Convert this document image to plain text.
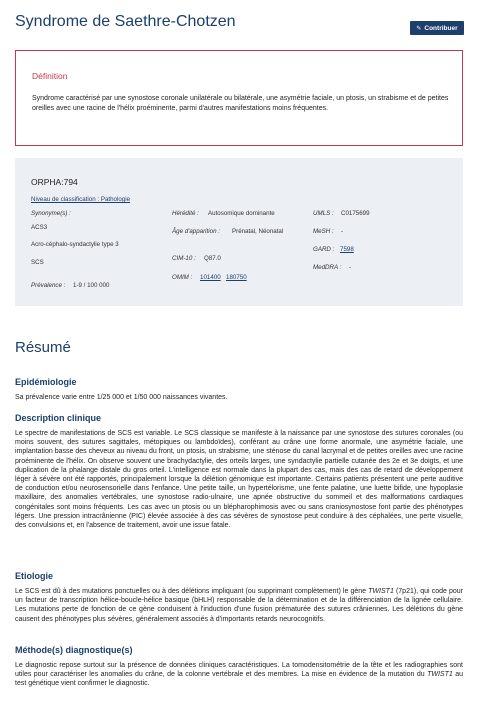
Syndrome de Saethre-Chotzen	✎ Contribuer
Définition
Syndrome caractérisé par une synostose coronale unilatérale ou bilatérale, une asymétrie faciale, un ptosis, un strabisme et de petites oreilles avec une racine de l'hélix proéminente, parmi d'autres manifestations moins fréquentes.
ORPHA:794
Niveau de classification : Pathologie
Synonyme(s) :
ACS3
Acro-céphalo-syndactylie type 3
SCS
Prévalence : 1-9 / 100 000
Hérédité : Autosomique dominante
Âge d'apparition : Prénatal, Néonatal
CIM-10 : Q87.0
OMIM : 101400 180750
UMLS : C0175699
MeSH : -
GARD : 7598
MedDRA : -
Résumé
Epidémiologie

Sa prévalence varie entre 1/25 000 et 1/50 000 naissances vivantes.

Description clinique

Le spectre de manifestations de SCS est variable. Le SCS classique se manifeste à la naissance par une synostose des sutures coronales (ou moins souvent, des sutures sagittales, métopiques ou lambdoïdes), conférant au crâne une forme anormale, une asymétrie faciale, une implantation basse des cheveux au niveau du front, un ptosis, un strabisme, une sténose du canal lacrymal et de petites oreilles avec une racine proéminente de l'hélix. On observe souvent une brachydactylie, des orteils larges, une syndactylie partielle cutanée des 2e et 3e doigts, et une duplication de la phalange distale du gros orteil. L'intelligence est normale dans la plupart des cas, mais des cas de retard de développement léger à sévère ont été rapportés, principalement lorsque la délétion génomique est importante. Certains patients présentent une perte auditive de conduction et/ou neurosensorielle dans l'enfance. Une petite taille, un hypertélorisme, une fente palatine, une luette bifide, une hypoplasie maxillaire, des anomalies vertébrales, une synostose radio-ulnaire, une apnée obstructive du sommeil et des malformations cardiaques congénitales sont moins fréquents. Les cas avec un ptosis ou un blépharophimosis avec ou sans craniosynostose font partie des phénotypes légers. Une pression intracrânienne (PIC) élevée associée à des cas sévères de synostose peut conduire à des céphalées, une perte visuelle, des convulsions et, en l'absence de traitement, avoir une issue fatale.

Etiologie

Le SCS est dû à des mutations ponctuelles ou à des délétions impliquant (ou supprimant complètement) le gène TWIST1 (7p21), qui code pour un facteur de transcription hélice-boucle-hélice basique (bHLH) responsable de la détermination et de la différenciation de la lignée cellulaire. Les mutations perte de fonction de ce gène conduisent à l'induction d'une fusion prématurée des sutures crâniennes. Les délétions du gène causent des phénotypes plus sévères, généralement associés à d'importants retards neurocognitifs.

Méthode(s) diagnostique(s)

Le diagnostic repose surtout sur la présence de données cliniques caractéristiques. La tomodensitométrie de la tête et les radiographies sont utiles pour caractériser les anomalies du crâne, de la colonne vertébrale et des membres. La mise en évidence de la mutation du TWIST1 au test génétique vient confirmer le diagnostic.
